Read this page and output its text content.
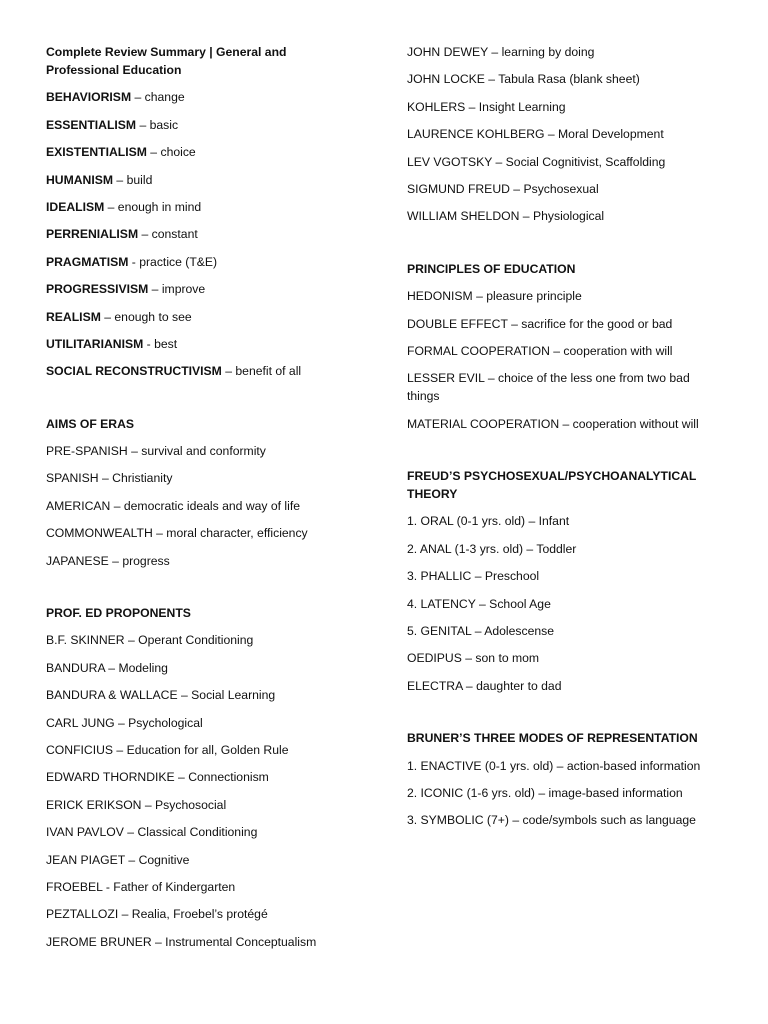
Complete Review Summary | General and Professional Education
BEHAVIORISM – change
ESSENTIALISM – basic
EXISTENTIALISM – choice
HUMANISM – build
IDEALISM – enough in mind
PERRENIALISM – constant
PRAGMATISM - practice (T&E)
PROGRESSIVISM – improve
REALISM – enough to see
UTILITARIANISM - best
SOCIAL RECONSTRUCTIVISM – benefit of all
AIMS OF ERAS
PRE-SPANISH – survival and conformity
SPANISH – Christianity
AMERICAN – democratic ideals and way of life
COMMONWEALTH – moral character, efficiency
JAPANESE – progress
PROF. ED PROPONENTS
B.F. SKINNER – Operant Conditioning
BANDURA – Modeling
BANDURA & WALLACE – Social Learning
CARL JUNG – Psychological
CONFICIUS – Education for all, Golden Rule
EDWARD THORNDIKE – Connectionism
ERICK ERIKSON – Psychosocial
IVAN PAVLOV – Classical Conditioning
JEAN PIAGET – Cognitive
FROEBEL - Father of Kindergarten
PEZTALLOZI – Realia, Froebel’s protégé
JEROME BRUNER – Instrumental Conceptualism
JOHN DEWEY – learning by doing
JOHN LOCKE – Tabula Rasa (blank sheet)
KOHLERS – Insight Learning
LAURENCE KOHLBERG – Moral Development
LEV VGOTSKY – Social Cognitivist, Scaffolding
SIGMUND FREUD – Psychosexual
WILLIAM SHELDON – Physiological
PRINCIPLES OF EDUCATION
HEDONISM – pleasure principle
DOUBLE EFFECT – sacrifice for the good or bad
FORMAL COOPERATION – cooperation with will
LESSER EVIL – choice of the less one from two bad things
MATERIAL COOPERATION – cooperation without will
FREUD’S PSYCHOSEXUAL/PSYCHOANALYTICAL THEORY
1. ORAL (0-1 yrs. old) – Infant
2. ANAL (1-3 yrs. old) – Toddler
3. PHALLIC – Preschool
4. LATENCY – School Age
5. GENITAL – Adolescense
OEDIPUS – son to mom
ELECTRA – daughter to dad
BRUNER’S THREE MODES OF REPRESENTATION
1. ENACTIVE (0-1 yrs. old) – action-based information
2. ICONIC (1-6 yrs. old) – image-based information
3. SYMBOLIC (7+) – code/symbols such as language
